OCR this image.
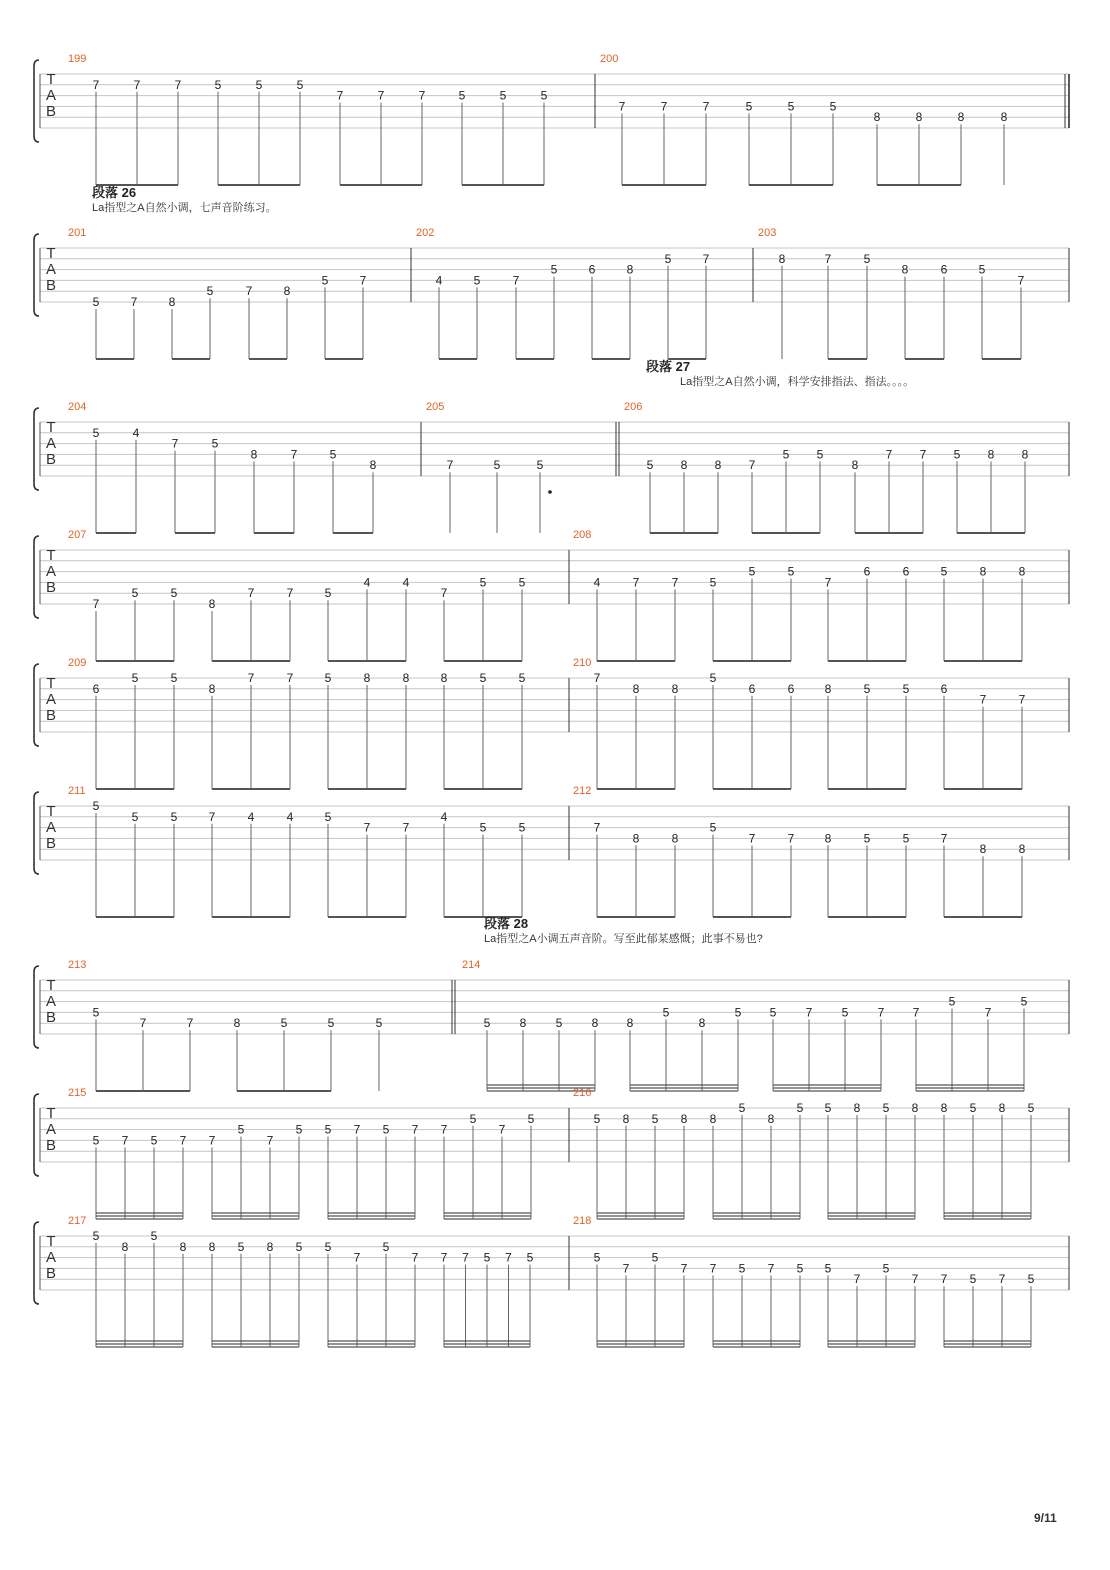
T
A
B
199
7	7	7	5	5	5
7	7	7	5	5	5
200
7	7	7	5	5	5
8	8	8	8
T
A
B
201
5	7	8
5	7	8
5	7
202
4	5	7
5	6	8
5	7
203
8	7	5
8	6	5
7
T
A
B
204
5	4
7	5
8	7	5
8
205
7	5	5
206
5 8 8 7
5 5
8
7 7 5 8 8
T
A
B
207
7
5	5
8
7	7	5
4	4
7
5	5
208
4	7	7	5
5	5
7
6	6	5	8	8
T
A
B
209
6
5	5
8
7	7	5	8	8	8	5	5
210
7
8	8
5
6	6	8	5	5	6
7	7
T
A
B
211
5
5	5	7	4	4	5
7	7
4
5	5
212
7
8	8
5
7	7	8	5	5	7
8	8
T
A
B
213
5
7	7	8	5	5	5
214
5 8 5 8 8
5
8
5 5 7 5 7 7
5
7
5
T
A
B
215
5 7 5 7 7
5
7
5 5 7 5 7 7
5
7
5
216
5 8 5 8 8
5
8
5 5 8 5 8 8 5 8 5
T
A
B
217
5
8
5
8 8 5 8 5 5
7
5
7 7 7 5 7 5
218
5
7
5
7 7 5 7 5 5
7
5
7 7 5 7 5
段落 26
La指型之A自然小调，七声音阶练习。
段落 27
La指型之A自然小调，科学安排指法、指法。。。。
段落 28
La指型之A小调五声音阶。写至此郁某感慨；此事不易也?
9/11
